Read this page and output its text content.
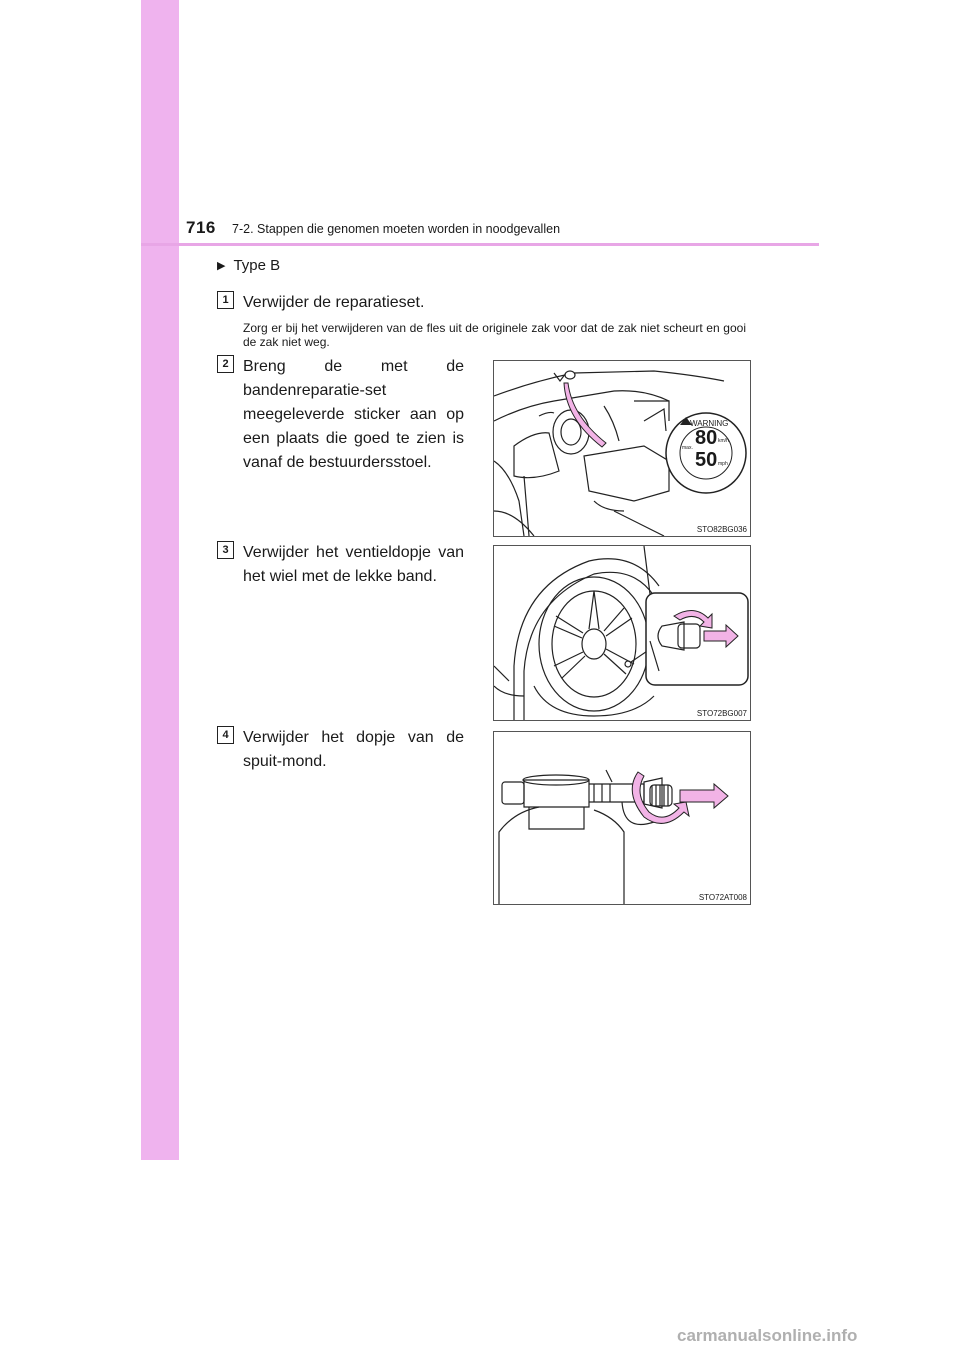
716 7-2. Stappen die genomen moeten worden in noodgevallen
▶ Type B
1 Verwijder de reparatieset.
Zorg er bij het verwijderen van de fles uit de originele zak voor dat de zak niet scheurt en gooi de zak niet weg.
2 Breng de met de bandenreparatie-set meegeleverde sticker aan op een plaats die goed te zien is vanaf de bestuurdersstoel.
WARNING
80
50
max.
km/h
mph
STO82BG036
3 Verwijder het ventieldopje van het wiel met de lekke band.
STO72BG007
4 Verwijder het dopje van de spuit-mond.
STO72AT008
carmanualsonline.info
